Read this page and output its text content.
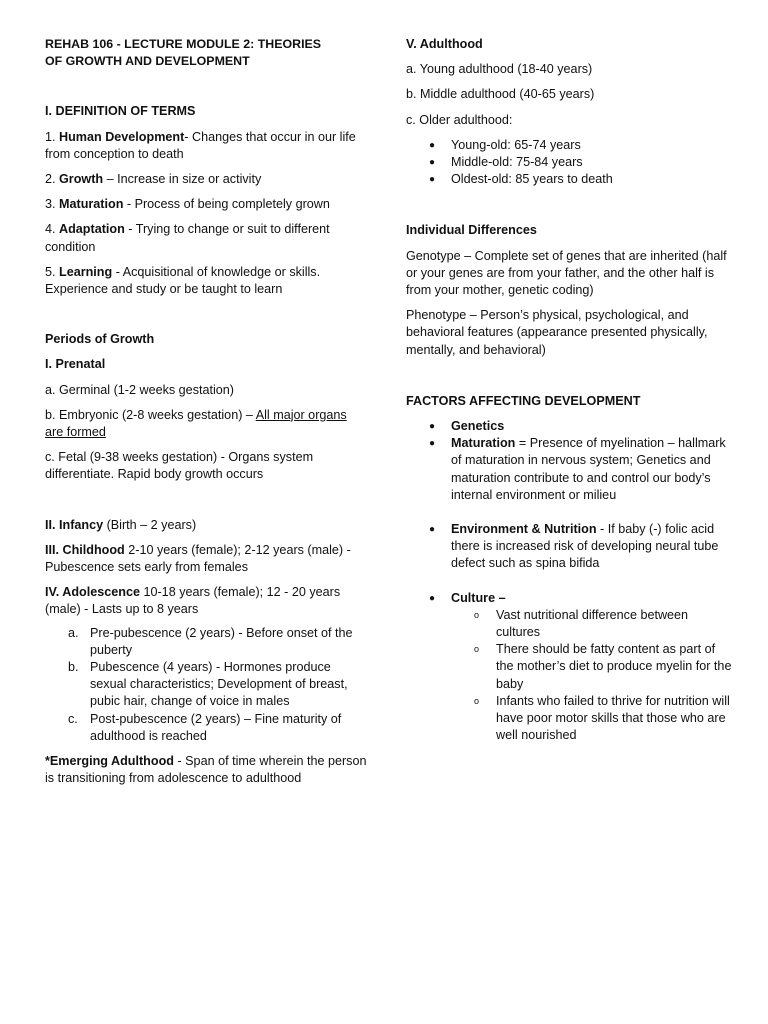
REHAB 106 - LECTURE MODULE 2: THEORIES
OF GROWTH AND DEVELOPMENT

I. DEFINITION OF TERMS

1. Human Development- Changes that occur in our life from conception to death

2. Growth – Increase in size or activity

3. Maturation - Process of being completely grown

4. Adaptation - Trying to change or suit to different condition

5. Learning - Acquisitional of knowledge or skills. Experience and study or be taught to learn

Periods of Growth

I. Prenatal

a. Germinal (1-2 weeks gestation)

b. Embryonic (2-8 weeks gestation) – All major organs are formed

c. Fetal (9-38 weeks gestation) - Organs system differentiate. Rapid body growth occurs

II. Infancy (Birth – 2 years)

III. Childhood 2-10 years (female); 2-12 years (male) - Pubescence sets early from females

IV. Adolescence 10-18 years (female); 12 - 20 years (male) - Lasts up to 8 years

a. Pre-pubescence (2 years) - Before onset of the puberty
b. Pubescence (4 years) - Hormones produce sexual characteristics; Development of breast, pubic hair, change of voice in males
c. Post-pubescence (2 years) – Fine maturity of adulthood is reached

*Emerging Adulthood - Span of time wherein the person is transitioning from adolescence to adulthood

V. Adulthood

a. Young adulthood (18-40 years)

b. Middle adulthood (40-65 years)

c. Older adulthood:

● Young-old: 65-74 years
● Middle-old: 75-84 years
● Oldest-old: 85 years to death

Individual Differences

Genotype – Complete set of genes that are inherited (half or your genes are from your father, and the other half is from your mother, genetic coding)

Phenotype – Person’s physical, psychological, and behavioral features (appearance presented physically, mentally, and behavioral)

FACTORS AFFECTING DEVELOPMENT

● Genetics
● Maturation = Presence of myelination – hallmark of maturation in nervous system; Genetics and maturation contribute to and control our body’s internal environment or milieu
● Environment & Nutrition - If baby (-) folic acid there is increased risk of developing neural tube defect such as spina bifida
● Culture –
o Vast nutritional difference between cultures
o There should be fatty content as part of the mother’s diet to produce myelin for the baby
o Infants who failed to thrive for nutrition will have poor motor skills that those who are well nourished
